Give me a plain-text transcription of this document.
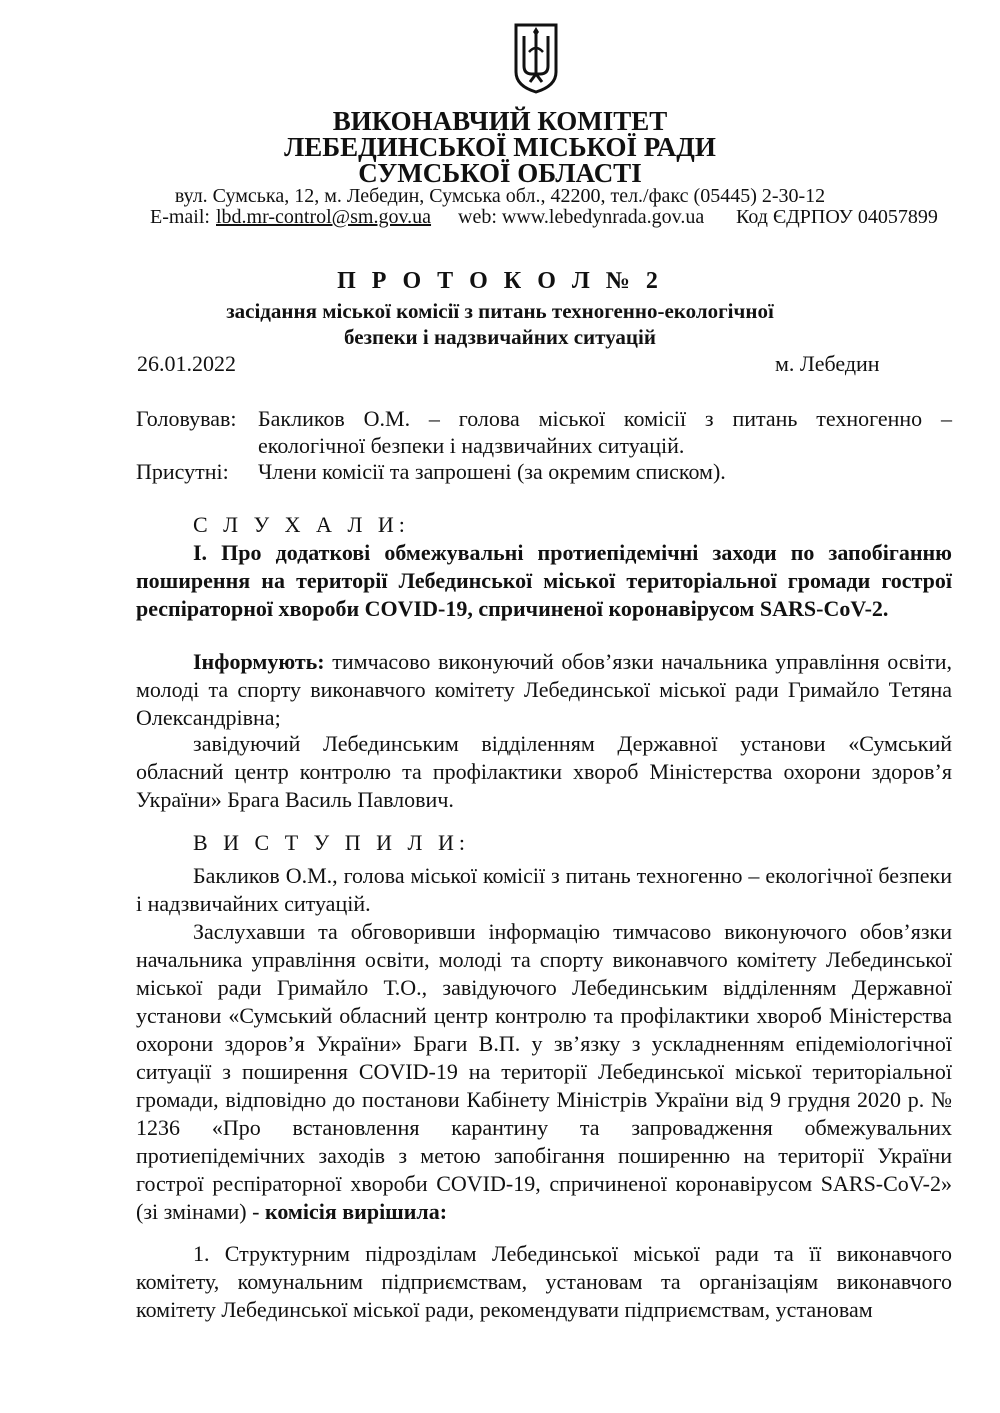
ВИКОНАВЧИЙ КОМІТЕТ
ЛЕБЕДИНСЬКОЇ МІСЬКОЇ РАДИ
СУМСЬКОЇ ОБЛАСТІ
вул. Сумська, 12, м. Лебедин, Сумська обл., 42200, тел./факс (05445) 2-30-12
E-mail: lbd.mr-control@sm.gov.ua web: www.lebedynrada.gov.ua Код ЄДРПОУ 04057899
П Р О Т О К О Л № 2
засідання міської комісії з питань техногенно-екологічної
безпеки і надзвичайних ситуацій
26.01.2022	м. Лебедин
Головував: Бакликов О.М. – голова міської комісії з питань техногенно –
екологічної безпеки і надзвичайних ситуацій.
Присутні: Члени комісії та запрошені (за окремим списком).
С Л У Х А Л И:
І. Про додаткові обмежувальні протиепідемічні заходи по запобіганню поширення на території Лебединської міської територіальної громади гострої респіраторної хвороби COVID-19, спричиненої коронавірусом SARS-CoV-2.
Інформують: тимчасово виконуючий обов’язки начальника управління освіти, молоді та спорту виконавчого комітету Лебединської міської ради Гримайло Тетяна Олександрівна;
завідуючий Лебединським відділенням Державної установи «Сумський обласний центр контролю та профілактики хвороб Міністерства охорони здоров’я України» Брага Василь Павлович.
В И С Т У П И Л И:
Бакликов О.М., голова міської комісії з питань техногенно – екологічної безпеки і надзвичайних ситуацій.
Заслухавши та обговоривши інформацію тимчасово виконуючого обов’язки начальника управління освіти, молоді та спорту виконавчого комітету Лебединської міської ради Гримайло Т.О., завідуючого Лебединським відділенням Державної установи «Сумський обласний центр контролю та профілактики хвороб Міністерства охорони здоров’я України» Браги В.П. у зв’язку з ускладненням епідеміологічної ситуації з поширення COVID-19 на території Лебединської міської територіальної громади, відповідно до постанови Кабінету Міністрів України від 9 грудня 2020 р. № 1236 «Про встановлення карантину та запровадження обмежувальних протиепідемічних заходів з метою запобігання поширенню на території України гострої респіраторної хвороби COVID-19, спричиненої коронавірусом SARS-CoV-2» (зі змінами) - комісія вирішила:
1. Структурним підрозділам Лебединської міської ради та її виконавчого комітету, комунальним підприємствам, установам та організаціям виконавчого комітету Лебединської міської ради, рекомендувати підприємствам, установам
